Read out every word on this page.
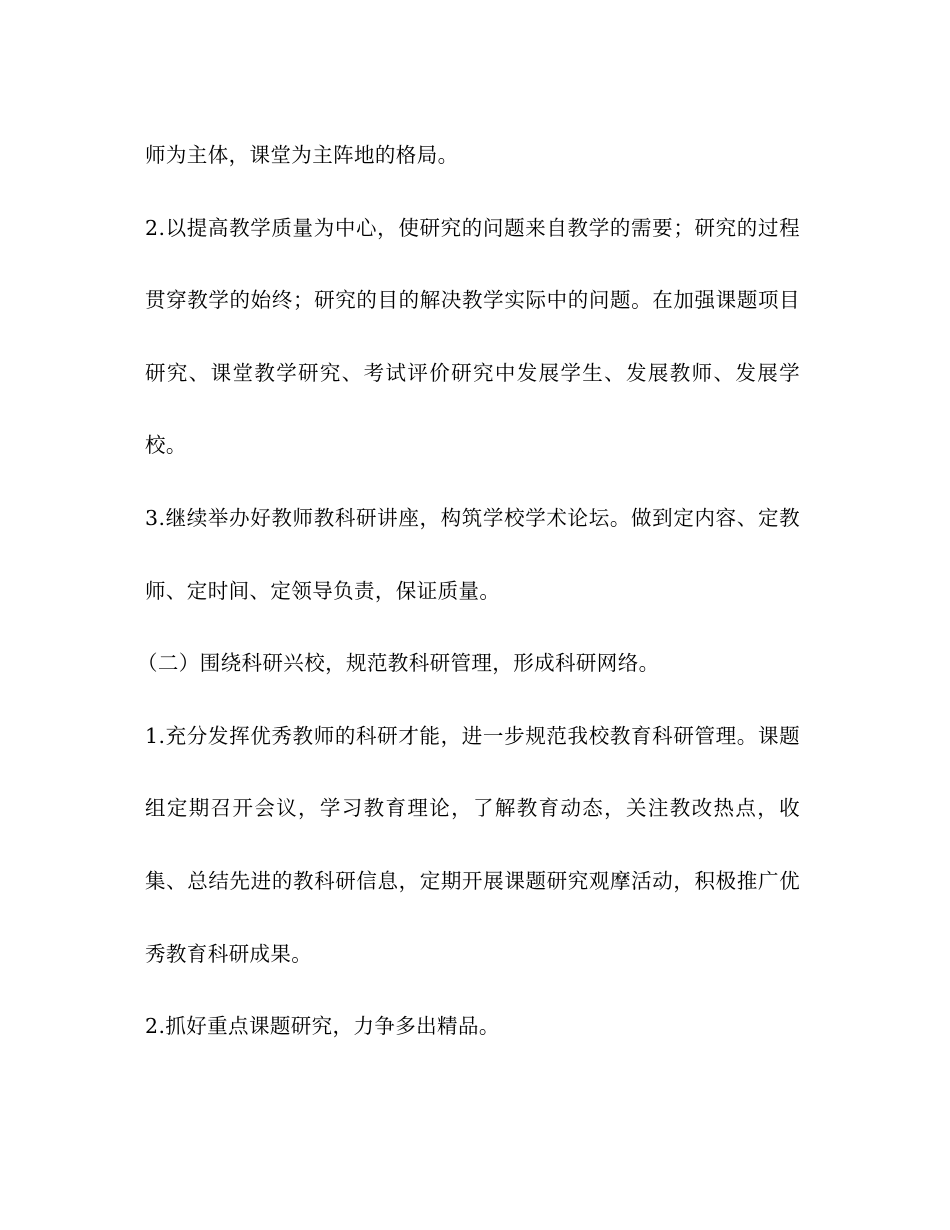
师为主体，课堂为主阵地的格局。

2.以提高教学质量为中心，使研究的问题来自教学的需要；研究的过程贯穿教学的始终；研究的目的解决教学实际中的问题。在加强课题项目研究、课堂教学研究、考试评价研究中发展学生、发展教师、发展学校。

3.继续举办好教师教科研讲座，构筑学校学术论坛。做到定内容、定教师、定时间、定领导负责，保证质量。

（二）围绕科研兴校，规范教科研管理，形成科研网络。

1.充分发挥优秀教师的科研才能，进一步规范我校教育科研管理。课题组定期召开会议，学习教育理论，了解教育动态，关注教改热点，收集、总结先进的教科研信息，定期开展课题研究观摩活动，积极推广优秀教育科研成果。

2.抓好重点课题研究，力争多出精品。
